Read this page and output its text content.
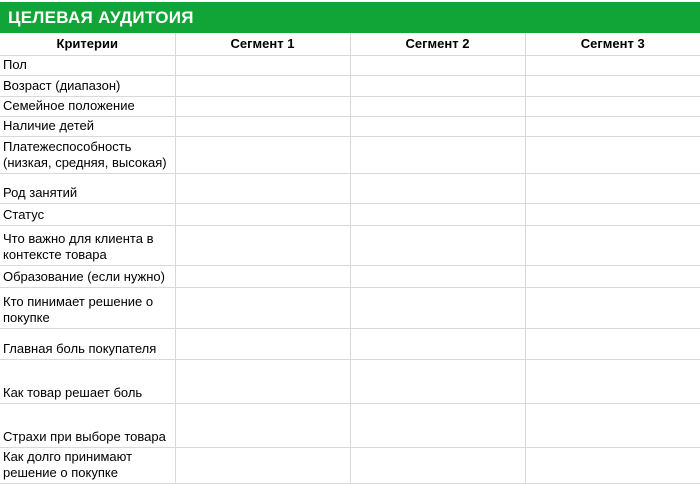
ЦЕЛЕВАЯ АУДИТОИЯ
Критерии	Сегмент 1	Сегмент 2	Сегмент 3
Пол			
Возраст (диапазон)			
Семейное положение			
Наличие детей			
Платежеспособность (низкая, средняя, высокая)			
Род занятий			
Статус			
Что важно для клиента в контексте товара			
Образование (если нужно)			
Кто пинимает решение о покупке			
Главная боль покупателя			
Как товар решает боль			
Страхи при выборе товара			
Как долго принимают решение о покупке			
